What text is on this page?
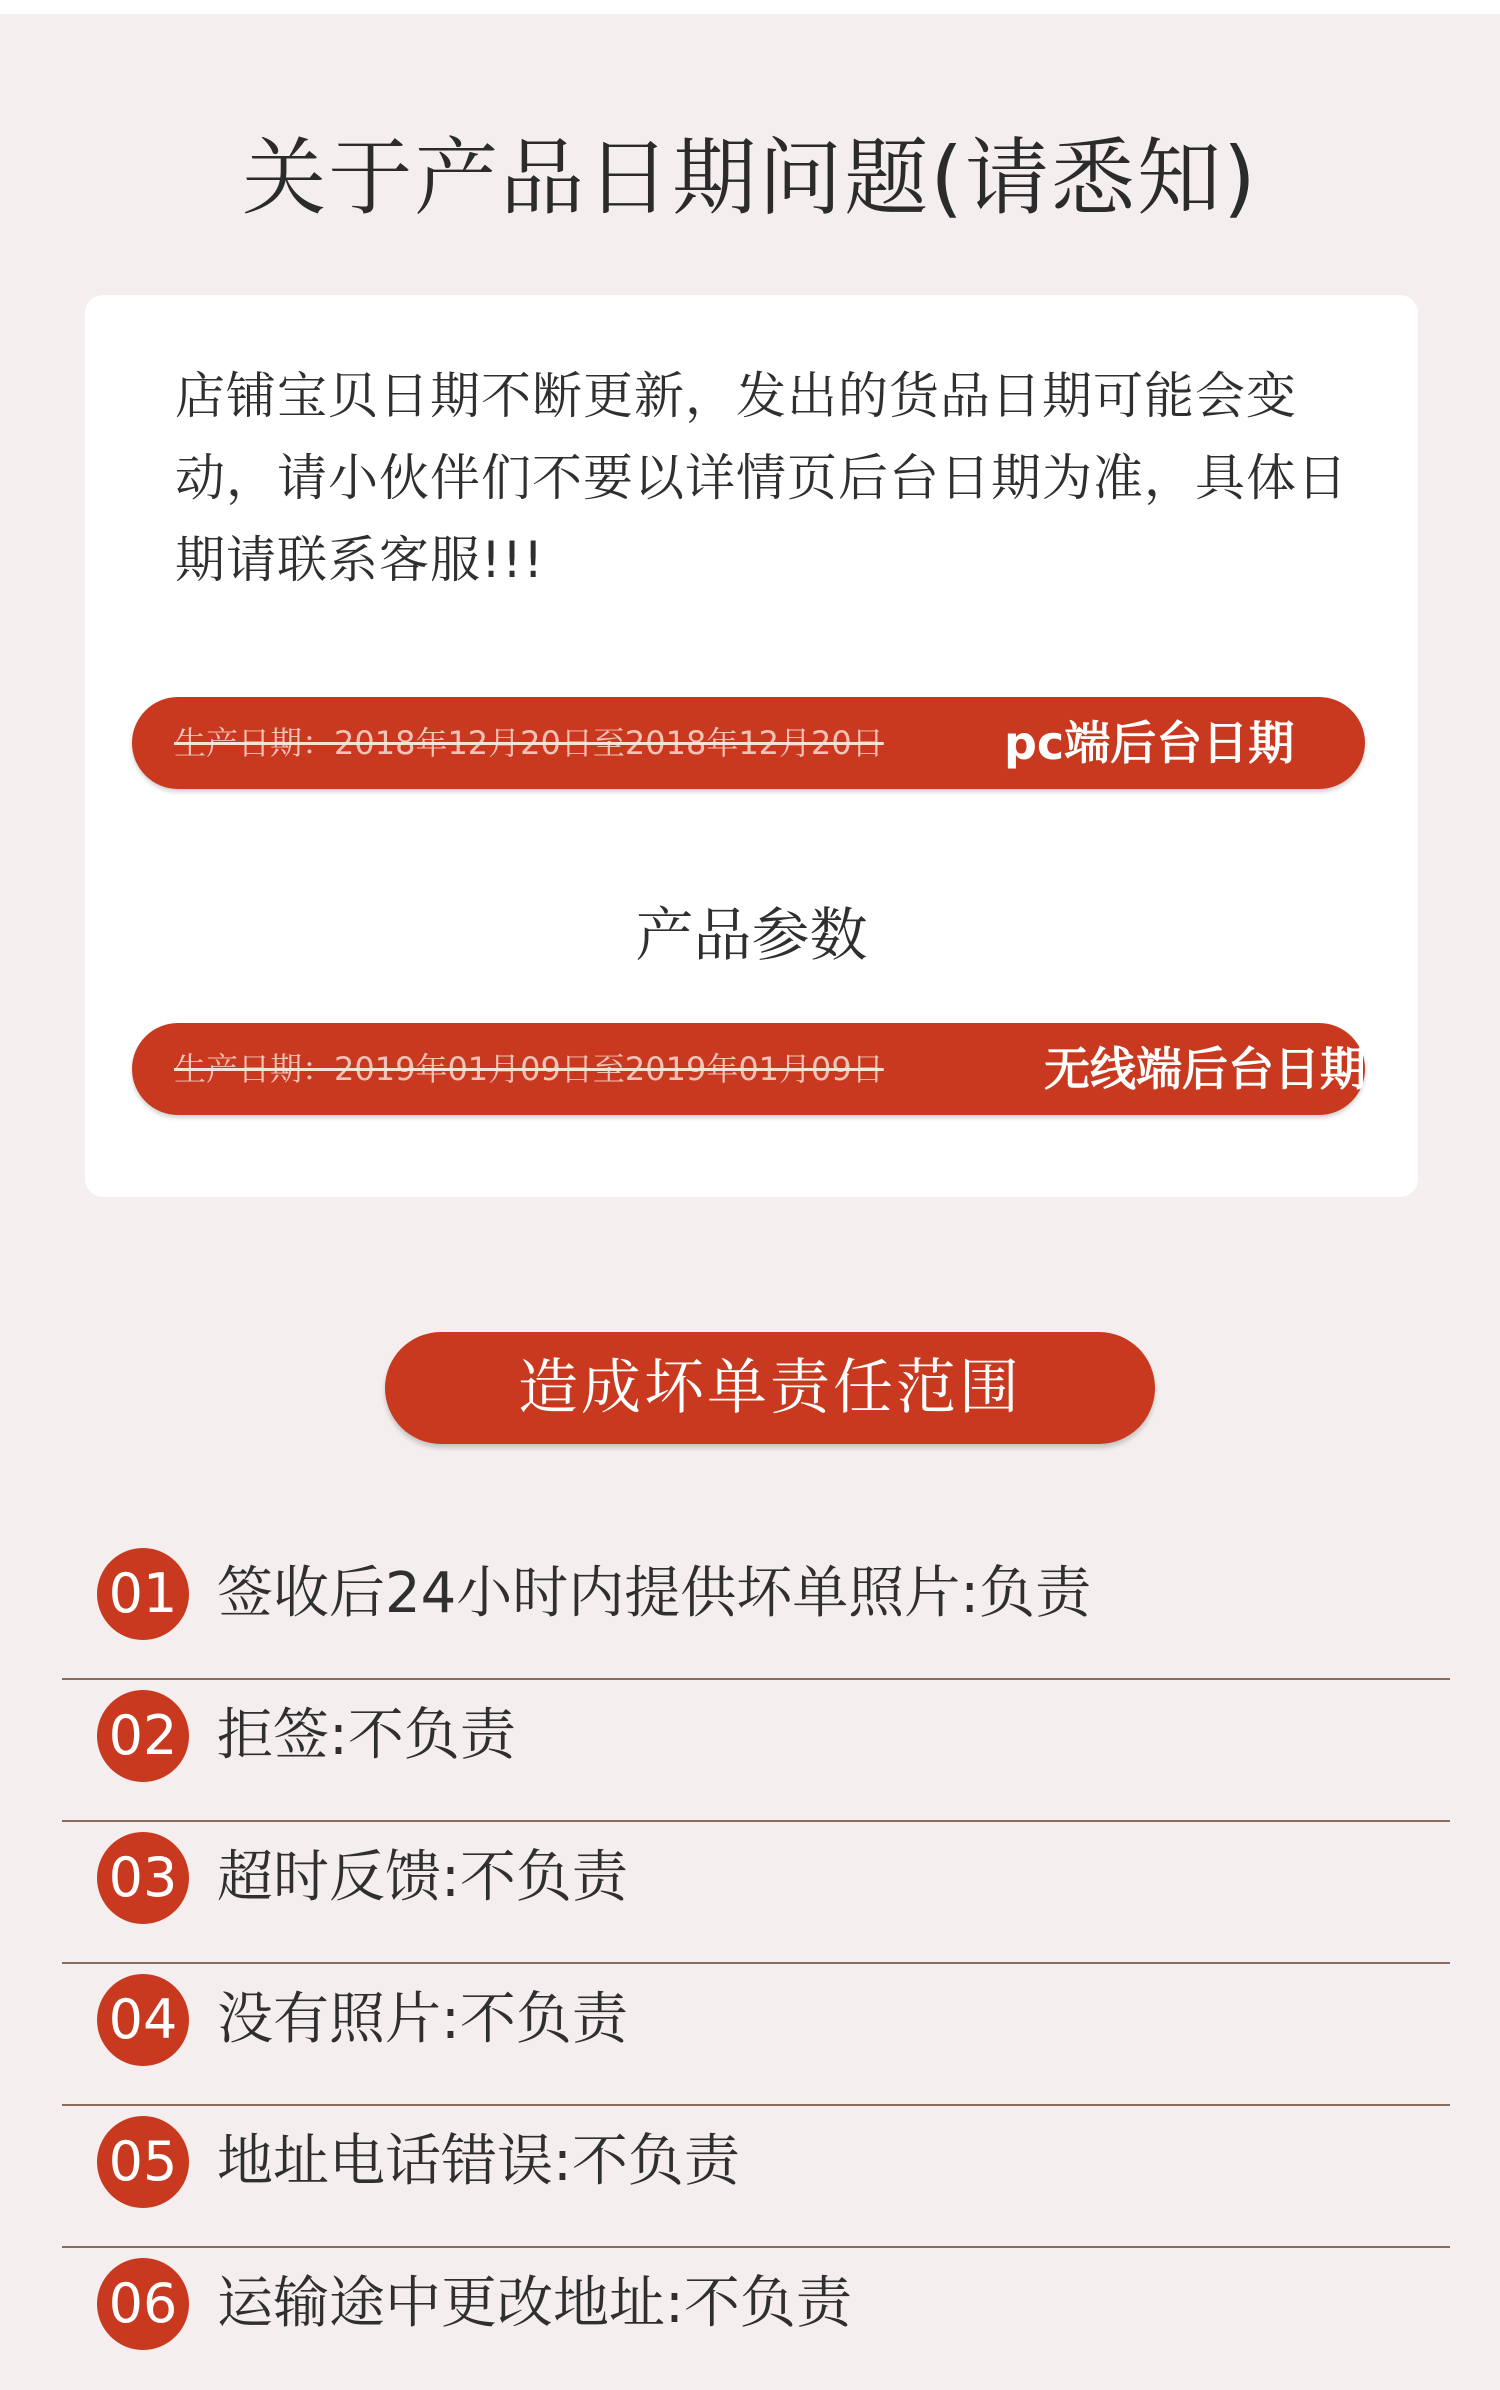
关于产品日期问题(请悉知)

店铺宝贝日期不断更新，发出的货品日期可能会变动，请小伙伴们不要以详情页后台日期为准，具体日期请联系客服!!!

生产日期：2018年12月20日至2018年12月20日	pc端后台日期
产品参数
生产日期：2019年01月09日至2019年01月09日	无线端后台日期
造成坏单责任范围
01 签收后24小时内提供坏单照片:负责
02 拒签:不负责
03 超时反馈:不负责
04 没有照片:不负责
05 地址电话错误:不负责
06 运输途中更改地址:不负责
